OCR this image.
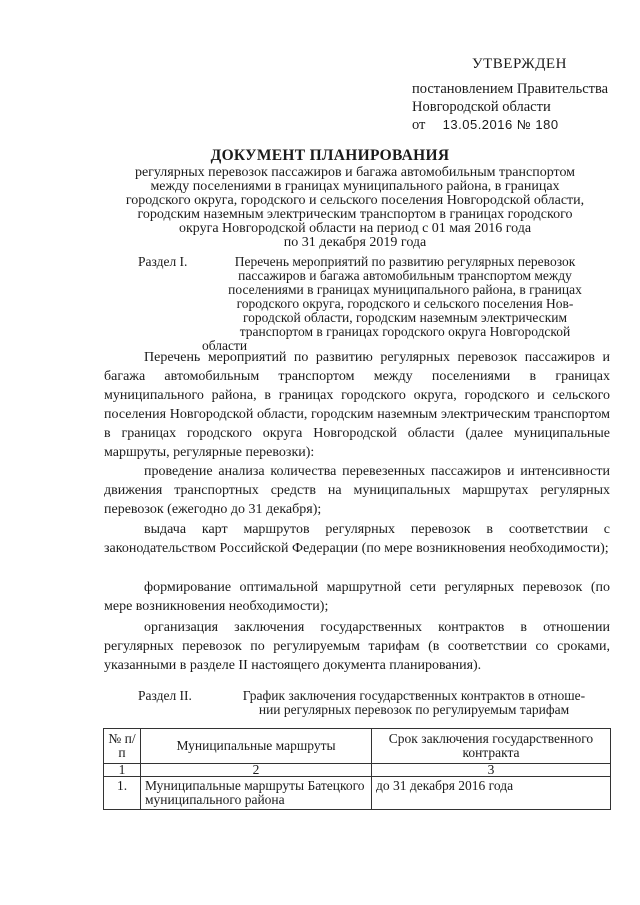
УТВЕРЖДЕН
постановлением Правительства
Новгородской области
от 13.05.2016 № 180
ДОКУМЕНТ ПЛАНИРОВАНИЯ
регулярных перевозок пассажиров и багажа автомобильным транспортом
между поселениями в границах муниципального района, в границах
городского округа, городского и сельского поселения Новгородской области,
городским наземным электрическим транспортом в границах городского
округа Новгородской области на период с 01 мая 2016 года
по 31 декабря 2019 года
Раздел I.	Перечень мероприятий по развитию регулярных перевозок
пассажиров и багажа автомобильным транспортом между
поселениями в границах муниципального района, в границах
городского округа, городского и сельского поселения Нов-
городской области, городским наземным электрическим
транспортом в границах городского округа Новгородской
области
Перечень мероприятий по развитию регулярных перевозок пассажиров и багажа автомобильным транспортом между поселениями в границах муниципального района, в границах городского округа, городского и сельского поселения Новгородской области, городским наземным электрическим транспортом в границах городского округа Новгородской области (далее муниципальные маршруты, регулярные перевозки):
проведение анализа количества перевезенных пассажиров и интенсивности движения транспортных средств на муниципальных маршрутах регулярных перевозок (ежегодно до 31 декабря);
выдача карт маршрутов регулярных перевозок в соответствии с законодательством Российской Федерации (по мере возникновения необходимости);
формирование оптимальной маршрутной сети регулярных перевозок (по мере возникновения необходимости);
организация заключения государственных контрактов в отношении регулярных перевозок по регулируемым тарифам (в соответствии со сроками, указанными в разделе II настоящего документа планирования).
Раздел II.	График заключения государственных контрактов в отноше-
нии регулярных перевозок по регулируемым тарифам
№ п/п	Муниципальные маршруты	Срок заключения государственного контракта
1	2	3
1.	Муниципальные маршруты Батецкого муниципального района	до 31 декабря 2016 года
